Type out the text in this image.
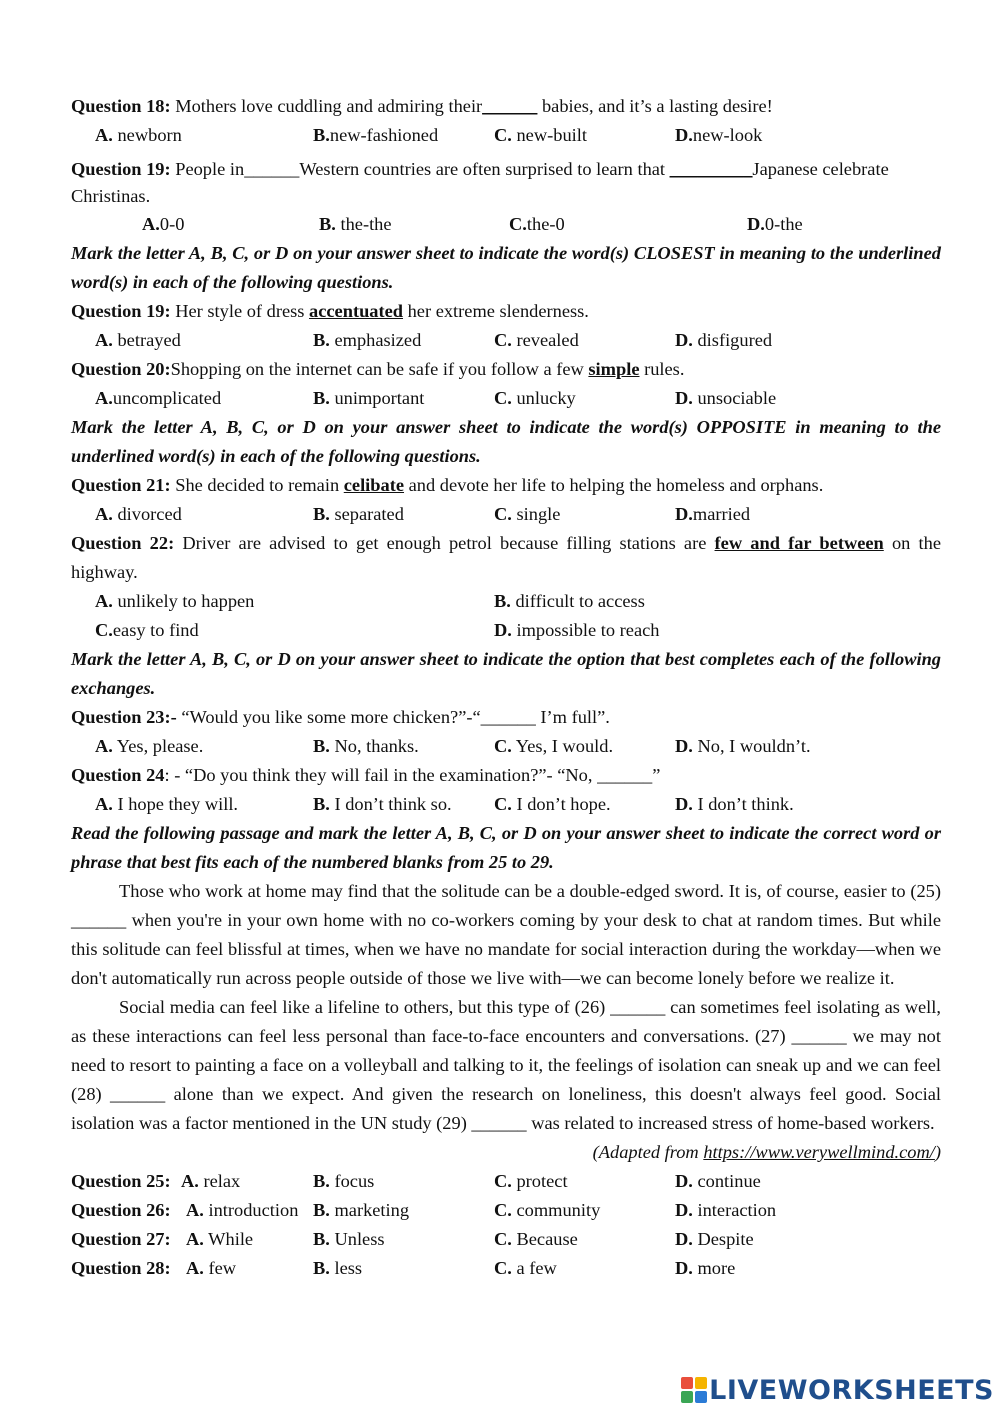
Question 18: Mothers love cuddling and admiring their______ babies, and it’s a lasting desire!
A. newborn	B.new-fashioned	C. new-built	D.new-look
Question 19: People in______Western countries are often surprised to learn that _________Japanese celebrate Christinas.
A.0-0	B. the-the	C.the-0	D.0-the
Mark the letter A, B, C, or D on your answer sheet to indicate the word(s) CLOSEST in meaning to the underlined word(s) in each of the following questions.
Question 19: Her style of dress accentuated her extreme slenderness.
A. betrayed	B. emphasized	C. revealed	D. disfigured
Question 20:Shopping on the internet can be safe if you follow a few simple rules.
A.uncomplicated	B. unimportant	C. unlucky	D. unsociable
Mark the letter A, B, C, or D on your answer sheet to indicate the word(s) OPPOSITE in meaning to the underlined word(s) in each of the following questions.
Question 21: She decided to remain celibate and devote her life to helping the homeless and orphans.
A. divorced	B. separated	C. single	D.married
Question 22: Driver are advised to get enough petrol because filling stations are few and far between on the highway.
A. unlikely to happen	B. difficult to access
C.easy to find	D. impossible to reach
Mark the letter A, B, C, or D on your answer sheet to indicate the option that best completes each of the following exchanges.
Question 23:- “Would you like some more chicken?”-“______ I’m full”.
A. Yes, please.	B. No, thanks.	C. Yes, I would.	D. No, I wouldn’t.
Question 24: - “Do you think they will fail in the examination?”- “No, ______”
A. I hope they will.	B. I don’t think so. C. I don’t hope.	D. I don’t think.
Read the following passage and mark the letter A, B, C, or D on your answer sheet to indicate the correct word or phrase that best fits each of the numbered blanks from 25 to 29.
Those who work at home may find that the solitude can be a double-edged sword. It is, of course, easier to (25) ______ when you're in your own home with no co-workers coming by your desk to chat at random times. But while this solitude can feel blissful at times, when we have no mandate for social interaction during the workday—when we don't automatically run across people outside of those we live with—we can become lonely before we realize it.
Social media can feel like a lifeline to others, but this type of (26) ______ can sometimes feel isolating as well, as these interactions can feel less personal than face-to-face encounters and conversations. (27) ______ we may not need to resort to painting a face on a volleyball and talking to it, the feelings of isolation can sneak up and we can feel (28) ______ alone than we expect. And given the research on loneliness, this doesn't always feel good. Social isolation was a factor mentioned in the UN study (29) ______ was related to increased stress of home-based workers.
(Adapted from https://www.verywellmind.com/)
Question 25: A. relax	B. focus	C. protect	D. continue
Question 26: A. introduction B. marketing	C. community	D. interaction
Question 27: A. While	B. Unless	C. Because	D. Despite
Question 28: A. few	B. less	C. a few	D. more
LIVEWORKSHEETS
